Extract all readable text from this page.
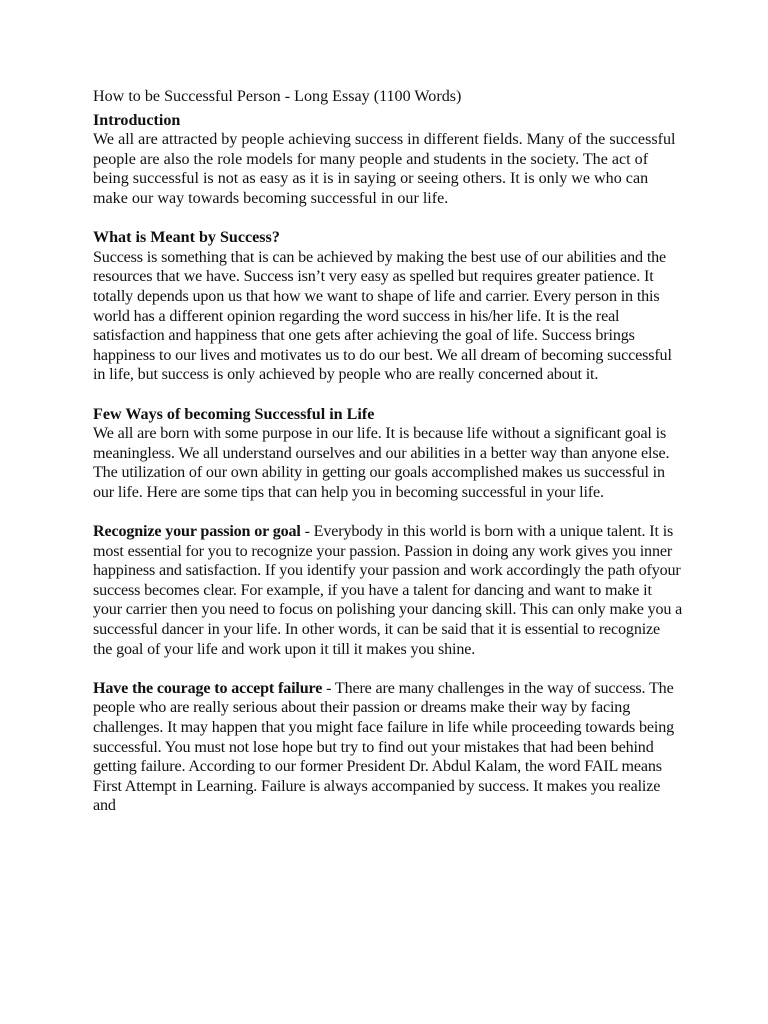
How to be Successful Person - Long Essay (1100 Words)

Introduction

We all are attracted by people achieving success in different fields. Many of the successful people are also the role models for many people and students in the society. The act of being successful is not as easy as it is in saying or seeing others. It is only we who can make our way towards becoming successful in our life.

What is Meant by Success?

Success is something that is can be achieved by making the best use of our abilities and the resources that we have. Success isn’t very easy as spelled but requires greater patience. It totally depends upon us that how we want to shape of life and carrier. Every person in this world has a different opinion regarding the word success in his/her life. It is the real satisfaction and happiness that one gets after achieving the goal of life. Success brings happiness to our lives and motivates us to do our best. We all dream of becoming successful in life, but success is only achieved by people who are really concerned about it.

Few Ways of becoming Successful in Life

We all are born with some purpose in our life. It is because life without a significant goal is meaningless. We all understand ourselves and our abilities in a better way than anyone else. The utilization of our own ability in getting our goals accomplished makes us successful in our life. Here are some tips that can help you in becoming successful in your life.

Recognize your passion or goal - Everybody in this world is born with a unique talent. It is most essential for you to recognize your passion. Passion in doing any work gives you inner happiness and satisfaction. If you identify your passion and work accordingly the path ofyour success becomes clear. For example, if you have a talent for dancing and want to make it your carrier then you need to focus on polishing your dancing skill. This can only make you a successful dancer in your life. In other words, it can be said that it is essential to recognize the goal of your life and work upon it till it makes you shine.

Have the courage to accept failure - There are many challenges in the way of success. The people who are really serious about their passion or dreams make their way by facing challenges. It may happen that you might face failure in life while proceeding towards being successful. You must not lose hope but try to find out your mistakes that had been behind getting failure. According to our former President Dr. Abdul Kalam, the word FAIL means First Attempt in Learning. Failure is always accompanied by success. It makes you realize and
